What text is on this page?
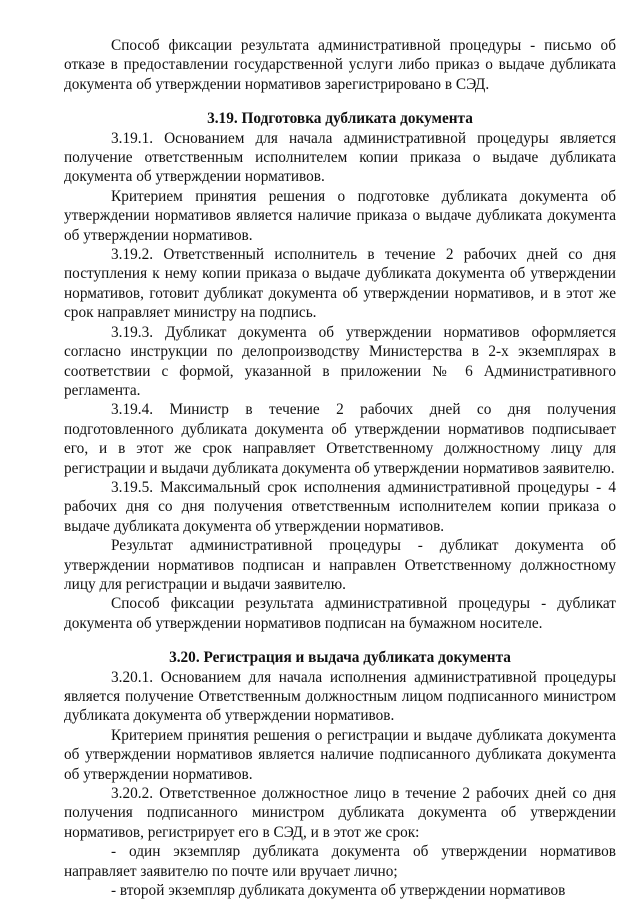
Способ фиксации результата административной процедуры - письмо об отказе в предоставлении государственной услуги либо приказ о выдаче дубликата документа об утверждении нормативов зарегистрировано в СЭД.

3.19. Подготовка дубликата документа

3.19.1. Основанием для начала административной процедуры является получение ответственным исполнителем копии приказа о выдаче дубликата документа об утверждении нормативов.

Критерием принятия решения о подготовке дубликата документа об утверждении нормативов является наличие приказа о выдаче дубликата документа об утверждении нормативов.

3.19.2. Ответственный исполнитель в течение 2 рабочих дней со дня поступления к нему копии приказа о выдаче дубликата документа об утверждении нормативов, готовит дубликат документа об утверждении нормативов, и в этот же срок направляет министру на подпись.

3.19.3. Дубликат документа об утверждении нормативов оформляется согласно инструкции по делопроизводству Министерства в 2-х экземплярах в соответствии с формой, указанной в приложении № 6 Административного регламента.

3.19.4. Министр в течение 2 рабочих дней со дня получения подготовленного дубликата документа об утверждении нормативов подписывает его, и в этот же срок направляет Ответственному должностному лицу для регистрации и выдачи дубликата документа об утверждении нормативов заявителю.

3.19.5. Максимальный срок исполнения административной процедуры - 4 рабочих дня со дня получения ответственным исполнителем копии приказа о выдаче дубликата документа об утверждении нормативов.

Результат административной процедуры - дубликат документа об утверждении нормативов подписан и направлен Ответственному должностному лицу для регистрации и выдачи заявителю.

Способ фиксации результата административной процедуры - дубликат документа об утверждении нормативов подписан на бумажном носителе.

3.20. Регистрация и выдача дубликата документа

3.20.1. Основанием для начала исполнения административной процедуры является получение Ответственным должностным лицом подписанного министром дубликата документа об утверждении нормативов.

Критерием принятия решения о регистрации и выдаче дубликата документа об утверждении нормативов является наличие подписанного дубликата документа об утверждении нормативов.

3.20.2. Ответственное должностное лицо в течение 2 рабочих дней со дня получения подписанного министром дубликата документа об утверждении нормативов, регистрирует его в СЭД, и в этот же срок:

- один экземпляр дубликата документа об утверждении нормативов направляет заявителю по почте или вручает лично;

- второй экземпляр дубликата документа об утверждении нормативов
